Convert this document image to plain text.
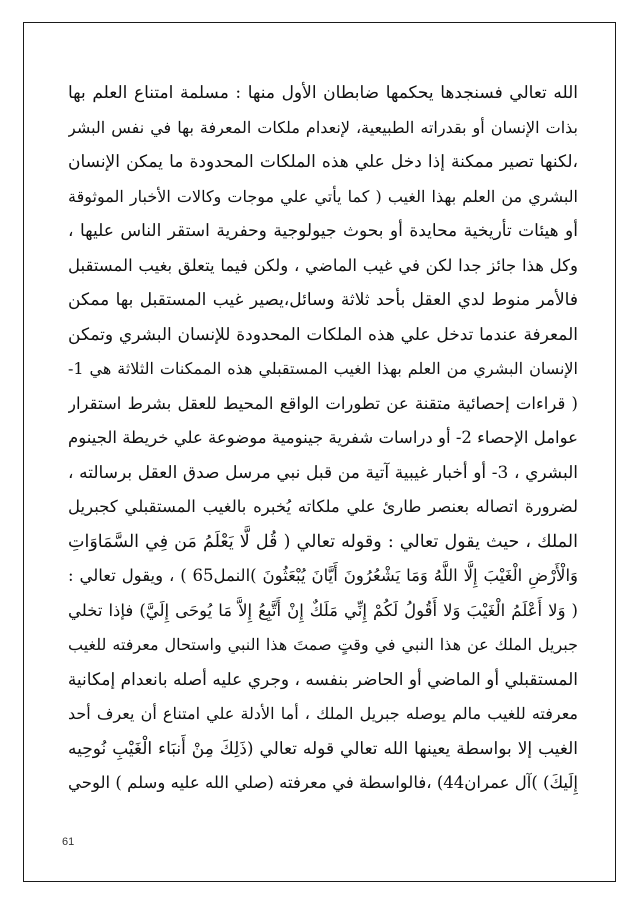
الله تعالي فسنجدها يحكمها ضابطان الأول منها : مسلمة امتناع العلم بها
بذات الإنسان أو بقدراته الطبيعية، لإنعدام ملكات المعرفة بها في نفس البشر
،لكنها تصير ممكنة إذا دخل علي هذه الملكات المحدودة ما يمكن الإنسان
البشري من العلم بهذا الغيب ( كما يأتي علي موجات وكالات الأخبار الموثوقة
أو هيئات تأريخية محايدة أو بحوث جيولوجية وحفرية استقر الناس عليها ،
وكل هذا جائز جدا لكن في غيب الماضي ، ولكن فيما يتعلق بغيب المستقبل
فالأمر منوط لدي العقل بأحد ثلاثة وسائل،يصير غيب المستقبل بها ممكن
المعرفة عندما تدخل علي هذه الملكات المحدودة للإنسان البشري وتمكن
الإنسان البشري من العلم بهذا الغيب المستقبلي هذه الممكنات الثلاثة هي 1-
( قراءات إحصائية متقنة عن تطورات الواقع المحيط للعقل بشرط استقرار
عوامل الإحصاء 2- أو دراسات شفرية جينومية موضوعة علي خريطة الجينوم
البشري ، 3- أو أخبار غيبية آتية من قبل نبي مرسل صدق العقل برسالته ،
لضرورة اتصاله بعنصر طارئ علي ملكاته يُخبره بالغيب المستقبلي كجبريل
الملك ، حيث يقول تعالي : وقوله تعالي ( قُل لَّا يَعْلَمُ مَن فِي السَّمَاوَاتِ
وَالْأَرْضِ الْغَيْبَ إِلَّا اللَّهُ وَمَا يَشْعُرُونَ أَيَّانَ يُبْعَثُونَ )النمل65 ) ، ويقول تعالي :
( وَلا أَعْلَمُ الْغَيْبَ وَلا أَقُولُ لَكُمْ إِنِّي مَلَكٌ إِنْ أَتَّبِعُ إِلاَّ مَا يُوحَى إِلَيَّ) فإذا تخلي
جبريل الملك عن هذا النبي في وقتٍ صمتَ هذا النبي واستحال معرفته للغيب
المستقبلي أو الماضي أو الحاضر بنفسه ، وجري عليه أصله بانعدام إمكانية
معرفته للغيب مالم يوصله جبريل الملك ، أما الأدلة علي امتناع أن يعرف أحد
الغيب إلا بواسطة يعينها الله تعالي قوله تعالي (ذَلِكَ مِنْ أَنبَاء الْغَيْبِ نُوحِيه
إِلَيكَ) )آل عمران44) ،فالواسطة في معرفته (صلي الله عليه وسلم ) الوحي
61
